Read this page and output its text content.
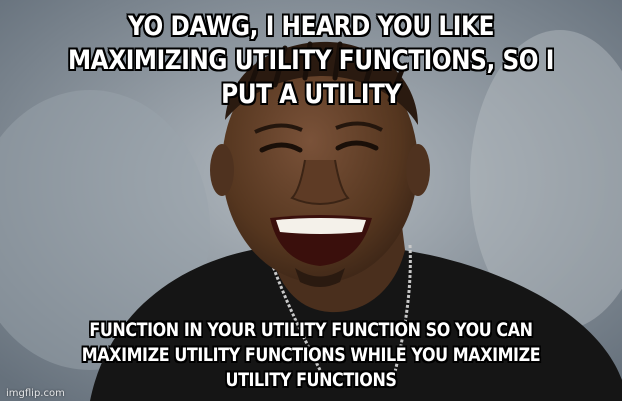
YO DAWG, I HEARD YOU LIKE MAXIMIZING UTILITY FUNCTIONS, SO I PUT A UTILITY

FUNCTION IN YOUR UTILITY FUNCTION SO YOU CAN MAXIMIZE UTILITY FUNCTIONS WHILE YOU MAXIMIZE UTILITY FUNCTIONS

imgflip.com
